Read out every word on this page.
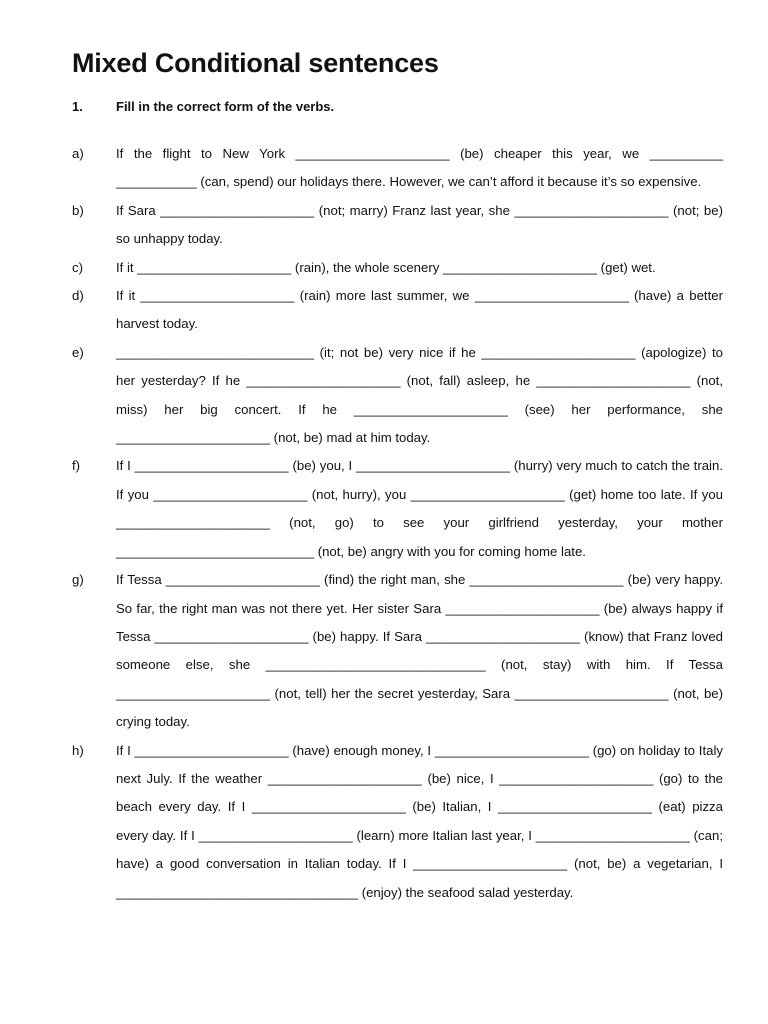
Mixed Conditional sentences
1.	Fill in the correct form of the verbs.
a) If the flight to New York _____________________ (be) cheaper this year, we __________ ___________ (can, spend) our holidays there. However, we can’t afford it because it’s so expensive.

b) If Sara _____________________ (not; marry) Franz last year, she _____________________ (not; be) so unhappy today.

c)	If it _____________________ (rain), the whole scenery _____________________ (get) wet.

d) If it _____________________ (rain) more last summer, we _____________________ (have) a better harvest today.

e) ___________________________ (it; not be) very nice if he _____________________ (apologize) to her yesterday? If he _____________________ (not, fall) asleep, he _____________________ (not, miss) her big concert. If he _____________________ (see) her performance, she _____________________ (not, be) mad at him today.

f)	If I _____________________ (be) you, I _____________________ (hurry) very much to catch the train. If you _____________________ (not, hurry), you _____________________ (get) home too late. If you _____________________ (not, go) to see your girlfriend yesterday, your mother ___________________________ (not, be) angry with you for coming home late.

g) If Tessa _____________________ (find) the right man, she _____________________ (be) very happy. So far, the right man was not there yet. Her sister Sara _____________________ (be) always happy if Tessa _____________________ (be) happy. If Sara _____________________ (know) that Franz loved someone else, she ______________________________ (not, stay) with him. If Tessa _____________________ (not, tell) her the secret yesterday, Sara _____________________ (not, be) crying today.

h) If I _____________________ (have) enough money, I _____________________ (go) on holiday to Italy next July. If the weather _____________________ (be) nice, I _____________________ (go) to the beach every day. If I _____________________ (be) Italian, I _____________________ (eat) pizza every day. If I _____________________ (learn) more Italian last year, I _____________________ (can; have) a good conversation in Italian today. If I _____________________ (not, be) a vegetarian, I _________________________________ (enjoy) the seafood salad yesterday.
